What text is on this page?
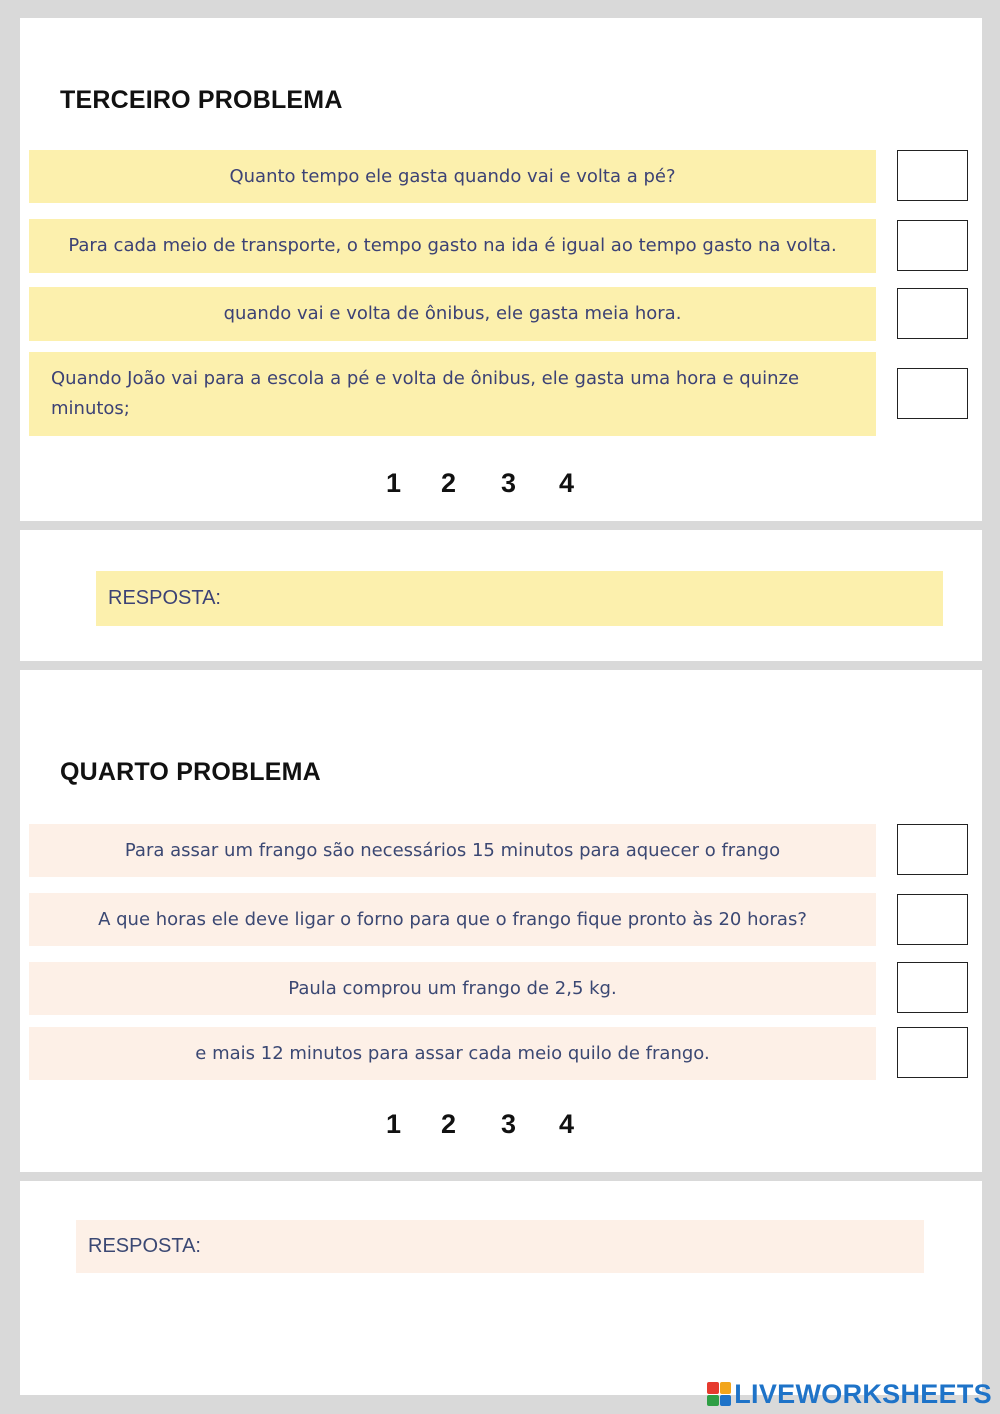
TERCEIRO PROBLEMA
Quanto tempo ele gasta quando vai e volta a pé?
Para cada meio de transporte, o tempo gasto na ida é igual ao tempo gasto na volta.
quando vai e volta de ônibus, ele gasta meia hora.
Quando João vai para a escola a pé e volta de ônibus, ele gasta uma hora e quinze minutos;
1 2 3 4
RESPOSTA:
QUARTO PROBLEMA
Para assar um frango são necessários 15 minutos para aquecer o frango
A que horas ele deve ligar o forno para que o frango fique pronto às 20 horas?
Paula comprou um frango de 2,5 kg.
e mais 12 minutos para assar cada meio quilo de frango.
1 2 3 4
RESPOSTA:
LIVEWORKSHEETS
